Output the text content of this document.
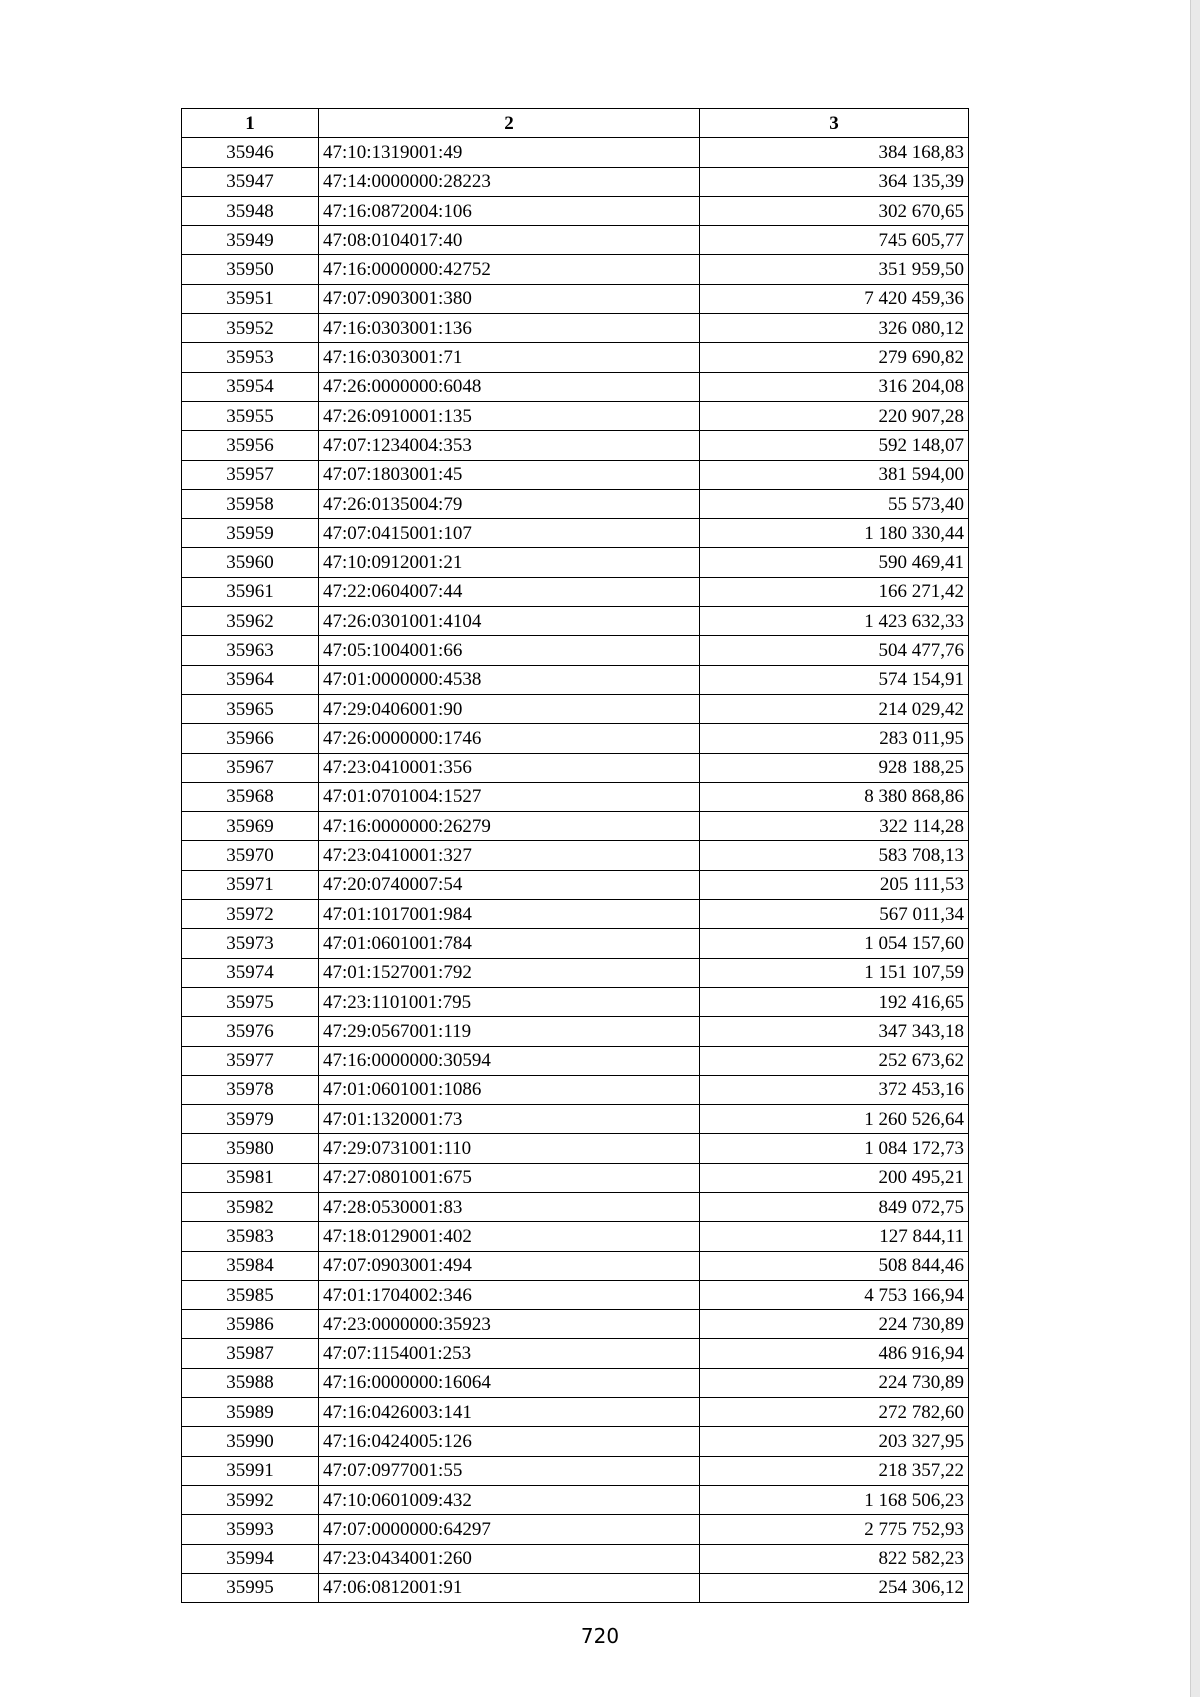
1	2	3
35946	47:10:1319001:49	384 168,83
35947	47:14:0000000:28223	364 135,39
35948	47:16:0872004:106	302 670,65
35949	47:08:0104017:40	745 605,77
35950	47:16:0000000:42752	351 959,50
35951	47:07:0903001:380	7 420 459,36
35952	47:16:0303001:136	326 080,12
35953	47:16:0303001:71	279 690,82
35954	47:26:0000000:6048	316 204,08
35955	47:26:0910001:135	220 907,28
35956	47:07:1234004:353	592 148,07
35957	47:07:1803001:45	381 594,00
35958	47:26:0135004:79	55 573,40
35959	47:07:0415001:107	1 180 330,44
35960	47:10:0912001:21	590 469,41
35961	47:22:0604007:44	166 271,42
35962	47:26:0301001:4104	1 423 632,33
35963	47:05:1004001:66	504 477,76
35964	47:01:0000000:4538	574 154,91
35965	47:29:0406001:90	214 029,42
35966	47:26:0000000:1746	283 011,95
35967	47:23:0410001:356	928 188,25
35968	47:01:0701004:1527	8 380 868,86
35969	47:16:0000000:26279	322 114,28
35970	47:23:0410001:327	583 708,13
35971	47:20:0740007:54	205 111,53
35972	47:01:1017001:984	567 011,34
35973	47:01:0601001:784	1 054 157,60
35974	47:01:1527001:792	1 151 107,59
35975	47:23:1101001:795	192 416,65
35976	47:29:0567001:119	347 343,18
35977	47:16:0000000:30594	252 673,62
35978	47:01:0601001:1086	372 453,16
35979	47:01:1320001:73	1 260 526,64
35980	47:29:0731001:110	1 084 172,73
35981	47:27:0801001:675	200 495,21
35982	47:28:0530001:83	849 072,75
35983	47:18:0129001:402	127 844,11
35984	47:07:0903001:494	508 844,46
35985	47:01:1704002:346	4 753 166,94
35986	47:23:0000000:35923	224 730,89
35987	47:07:1154001:253	486 916,94
35988	47:16:0000000:16064	224 730,89
35989	47:16:0426003:141	272 782,60
35990	47:16:0424005:126	203 327,95
35991	47:07:0977001:55	218 357,22
35992	47:10:0601009:432	1 168 506,23
35993	47:07:0000000:64297	2 775 752,93
35994	47:23:0434001:260	822 582,23
35995	47:06:0812001:91	254 306,12
720
